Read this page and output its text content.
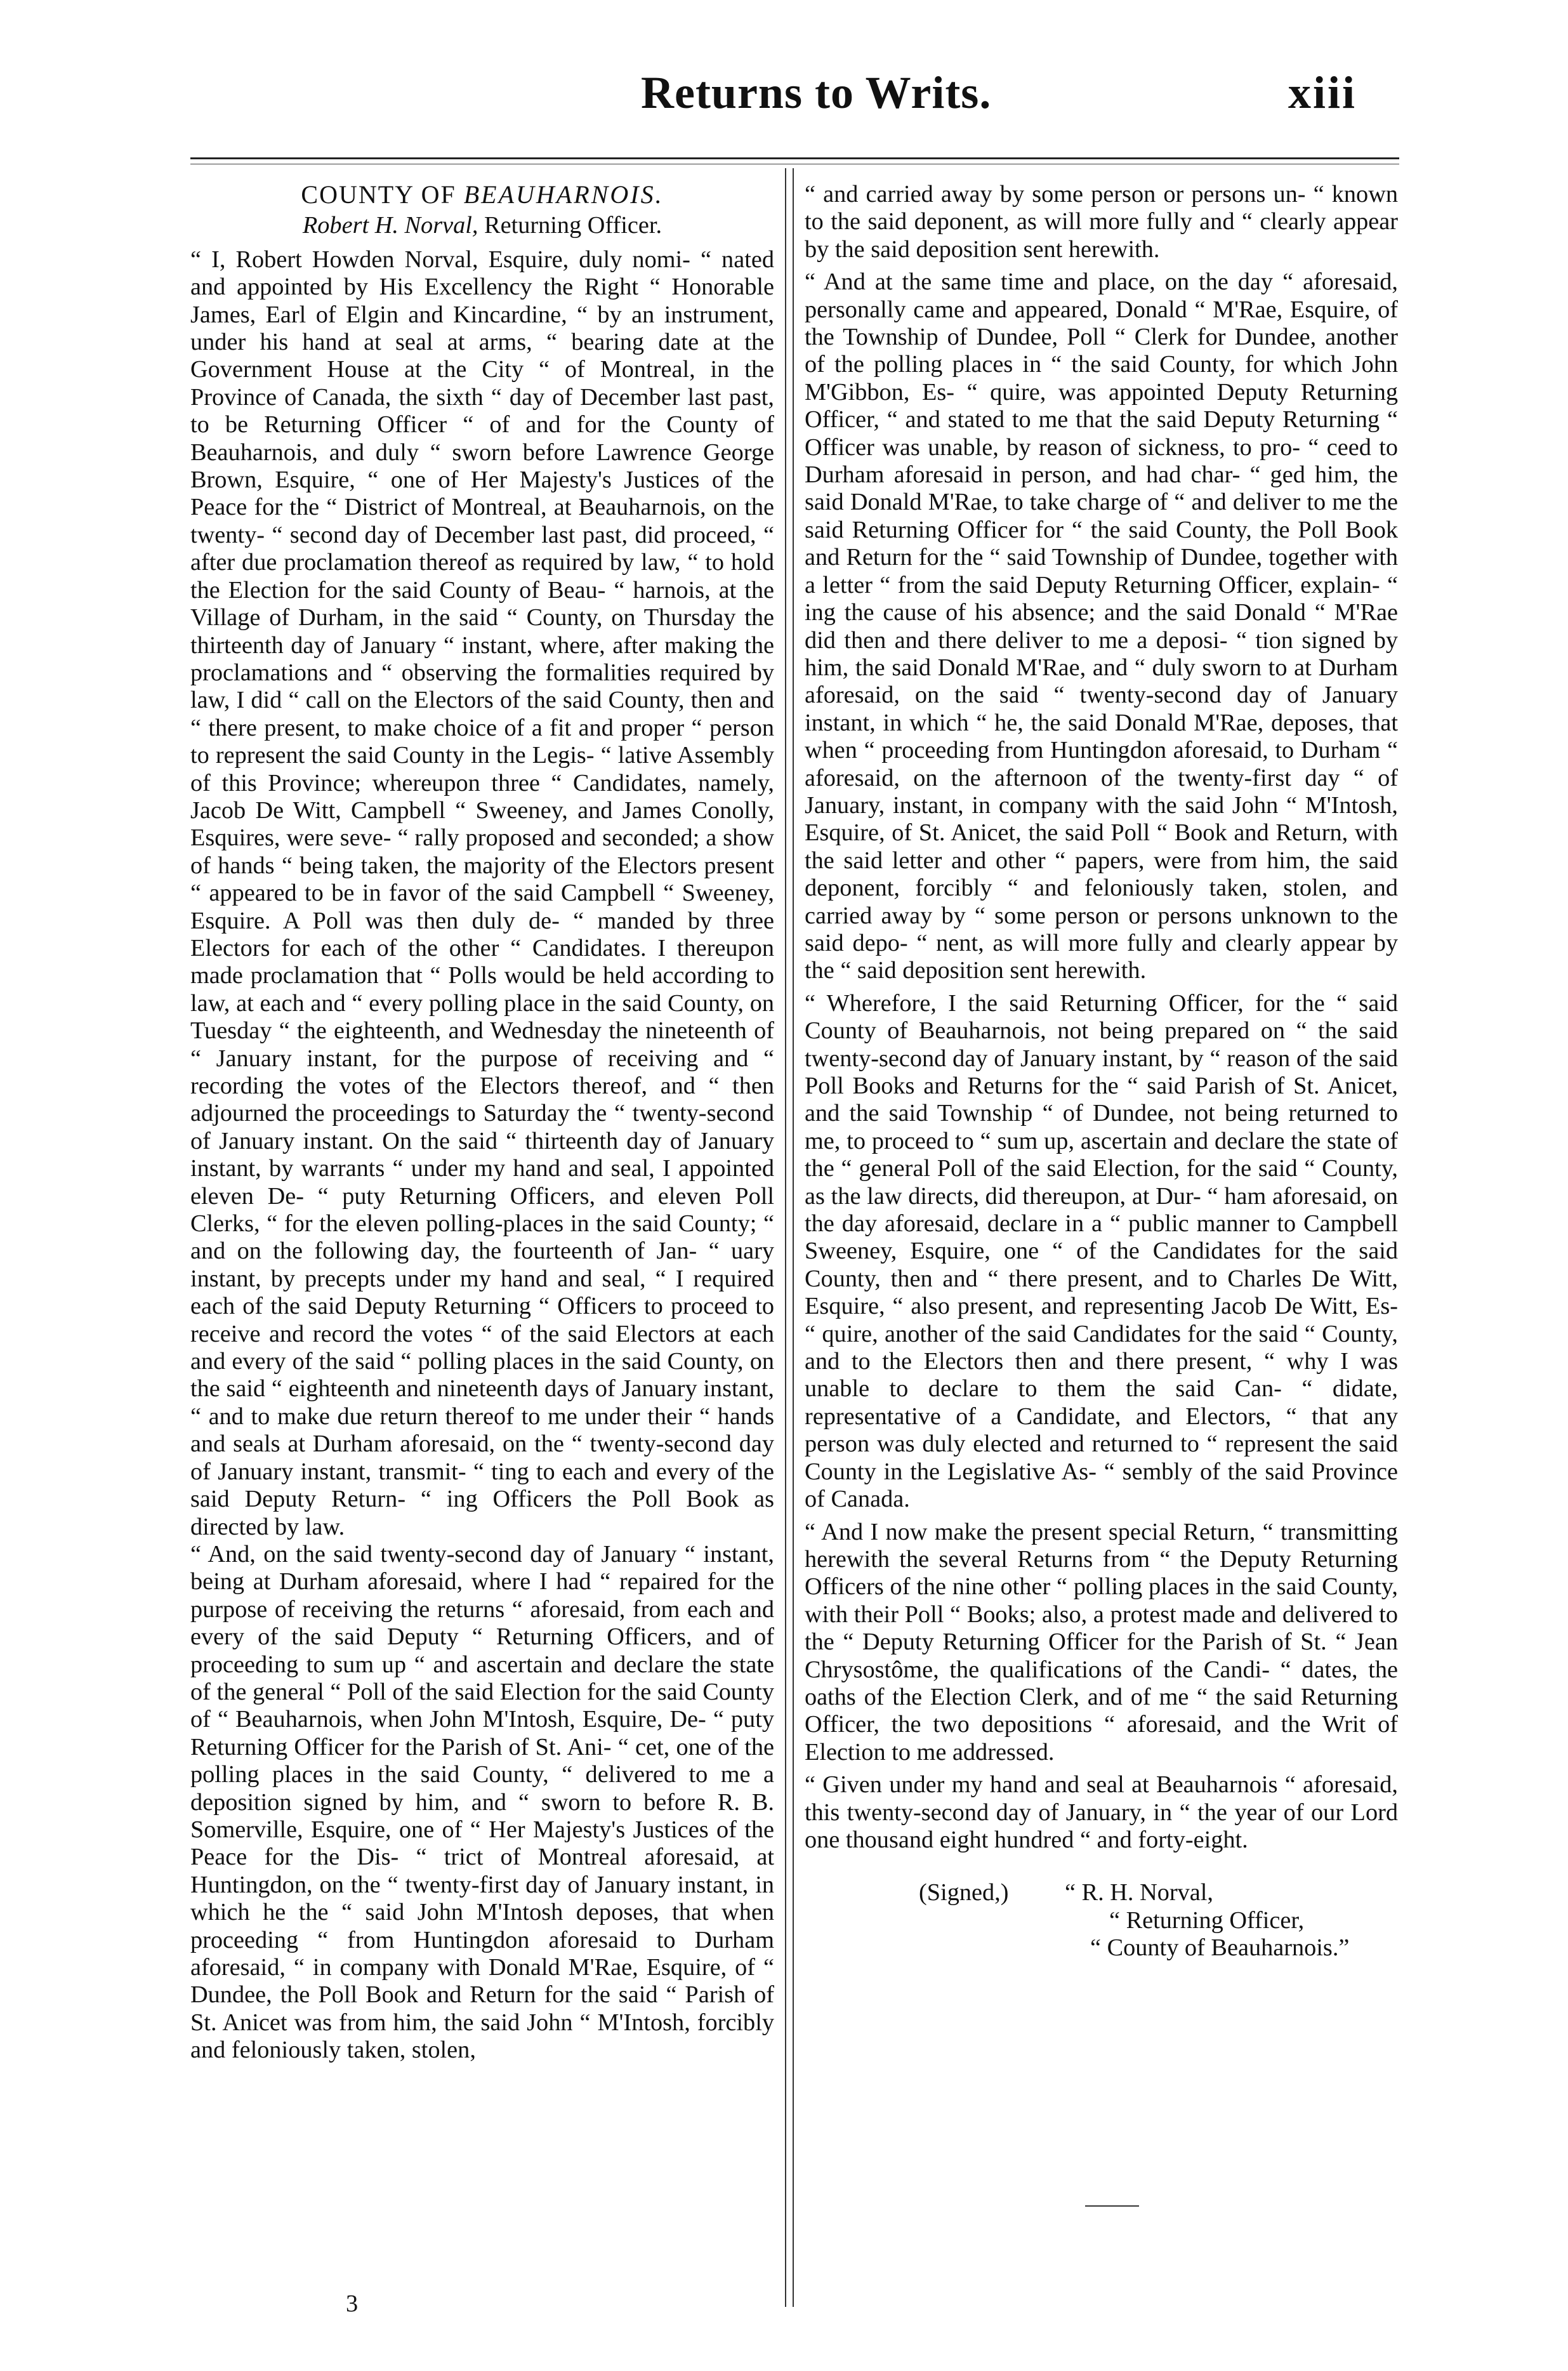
Returns to Writs.	xiii

COUNTY OF BEAUHARNOIS.

Robert H. Norval, Returning Officer.

“ I, Robert Howden Norval, Esquire, duly nomi- “ nated and appointed by His Excellency the Right “ Honorable James, Earl of Elgin and Kincardine, “ by an instrument, under his hand at seal at arms, “ bearing date at the Government House at the City “ of Montreal, in the Province of Canada, the sixth “ day of December last past, to be Returning Officer “ of and for the County of Beauharnois, and duly “ sworn before Lawrence George Brown, Esquire, “ one of Her Majesty's Justices of the Peace for the “ District of Montreal, at Beauharnois, on the twenty- “ second day of December last past, did proceed, “ after due proclamation thereof as required by law, “ to hold the Election for the said County of Beau- “ harnois, at the Village of Durham, in the said “ County, on Thursday the thirteenth day of January “ instant, where, after making the proclamations and “ observing the formalities required by law, I did “ call on the Electors of the said County, then and “ there present, to make choice of a fit and proper “ person to represent the said County in the Legis- “ lative Assembly of this Province; whereupon three “ Candidates, namely, Jacob De Witt, Campbell “ Sweeney, and James Conolly, Esquires, were seve- “ rally proposed and seconded; a show of hands “ being taken, the majority of the Electors present “ appeared to be in favor of the said Campbell “ Sweeney, Esquire. A Poll was then duly de- “ manded by three Electors for each of the other “ Candidates. I thereupon made proclamation that “ Polls would be held according to law, at each and “ every polling place in the said County, on Tuesday “ the eighteenth, and Wednesday the nineteenth of “ January instant, for the purpose of receiving and “ recording the votes of the Electors thereof, and “ then adjourned the proceedings to Saturday the “ twenty-second of January instant. On the said “ thirteenth day of January instant, by warrants “ under my hand and seal, I appointed eleven De- “ puty Returning Officers, and eleven Poll Clerks, “ for the eleven polling-places in the said County; “ and on the following day, the fourteenth of Jan- “ uary instant, by precepts under my hand and seal, “ I required each of the said Deputy Returning “ Officers to proceed to receive and record the votes “ of the said Electors at each and every of the said “ polling places in the said County, on the said “ eighteenth and nineteenth days of January instant, “ and to make due return thereof to me under their “ hands and seals at Durham aforesaid, on the “ twenty-second day of January instant, transmit- “ ting to each and every of the said Deputy Return- “ ing Officers the Poll Book as directed by law.

“ And, on the said twenty-second day of January “ instant, being at Durham aforesaid, where I had “ repaired for the purpose of receiving the returns “ aforesaid, from each and every of the said Deputy “ Returning Officers, and of proceeding to sum up “ and ascertain and declare the state of the general “ Poll of the said Election for the said County of “ Beauharnois, when John M'Intosh, Esquire, De- “ puty Returning Officer for the Parish of St. Ani- “ cet, one of the polling places in the said County, “ delivered to me a deposition signed by him, and “ sworn to before R. B. Somerville, Esquire, one of “ Her Majesty's Justices of the Peace for the Dis- “ trict of Montreal aforesaid, at Huntingdon, on the “ twenty-first day of January instant, in which he the “ said John M'Intosh deposes, that when proceeding “ from Huntingdon aforesaid to Durham aforesaid, “ in company with Donald M'Rae, Esquire, of “ Dundee, the Poll Book and Return for the said “ Parish of St. Anicet was from him, the said John “ M'Intosh, forcibly and feloniously taken, stolen,

“ and carried away by some person or persons un- “ known to the said deponent, as will more fully and “ clearly appear by the said deposition sent herewith.

“ And at the same time and place, on the day “ aforesaid, personally came and appeared, Donald “ M'Rae, Esquire, of the Township of Dundee, Poll “ Clerk for Dundee, another of the polling places in “ the said County, for which John M'Gibbon, Es- “ quire, was appointed Deputy Returning Officer, “ and stated to me that the said Deputy Returning “ Officer was unable, by reason of sickness, to pro- “ ceed to Durham aforesaid in person, and had char- “ ged him, the said Donald M'Rae, to take charge of “ and deliver to me the said Returning Officer for “ the said County, the Poll Book and Return for the “ said Township of Dundee, together with a letter “ from the said Deputy Returning Officer, explain- “ ing the cause of his absence; and the said Donald “ M'Rae did then and there deliver to me a deposi- “ tion signed by him, the said Donald M'Rae, and “ duly sworn to at Durham aforesaid, on the said “ twenty-second day of January instant, in which “ he, the said Donald M'Rae, deposes, that when “ proceeding from Huntingdon aforesaid, to Durham “ aforesaid, on the afternoon of the twenty-first day “ of January, instant, in company with the said John “ M'Intosh, Esquire, of St. Anicet, the said Poll “ Book and Return, with the said letter and other “ papers, were from him, the said deponent, forcibly “ and feloniously taken, stolen, and carried away by “ some person or persons unknown to the said depo- “ nent, as will more fully and clearly appear by the “ said deposition sent herewith.

“ Wherefore, I the said Returning Officer, for the “ said County of Beauharnois, not being prepared on “ the said twenty-second day of January instant, by “ reason of the said Poll Books and Returns for the “ said Parish of St. Anicet, and the said Township “ of Dundee, not being returned to me, to proceed to “ sum up, ascertain and declare the state of the “ general Poll of the said Election, for the said “ County, as the law directs, did thereupon, at Dur- “ ham aforesaid, on the day aforesaid, declare in a “ public manner to Campbell Sweeney, Esquire, one “ of the Candidates for the said County, then and “ there present, and to Charles De Witt, Esquire, “ also present, and representing Jacob De Witt, Es- “ quire, another of the said Candidates for the said “ County, and to the Electors then and there present, “ why I was unable to declare to them the said Can- “ didate, representative of a Candidate, and Electors, “ that any person was duly elected and returned to “ represent the said County in the Legislative As- “ sembly of the said Province of Canada.

“ And I now make the present special Return, “ transmitting herewith the several Returns from “ the Deputy Returning Officers of the nine other “ polling places in the said County, with their Poll “ Books; also, a protest made and delivered to the “ Deputy Returning Officer for the Parish of St. “ Jean Chrysostôme, the qualifications of the Candi- “ dates, the oaths of the Election Clerk, and of me “ the said Returning Officer, the two depositions “ aforesaid, and the Writ of Election to me addressed.

“ Given under my hand and seal at Beauharnois “ aforesaid, this twenty-second day of January, in “ the year of our Lord one thousand eight hundred “ and forty-eight.

(Signed,)	“ R. H. Norval,
“ Returning Officer,
“ County of Beauharnois.”
3
